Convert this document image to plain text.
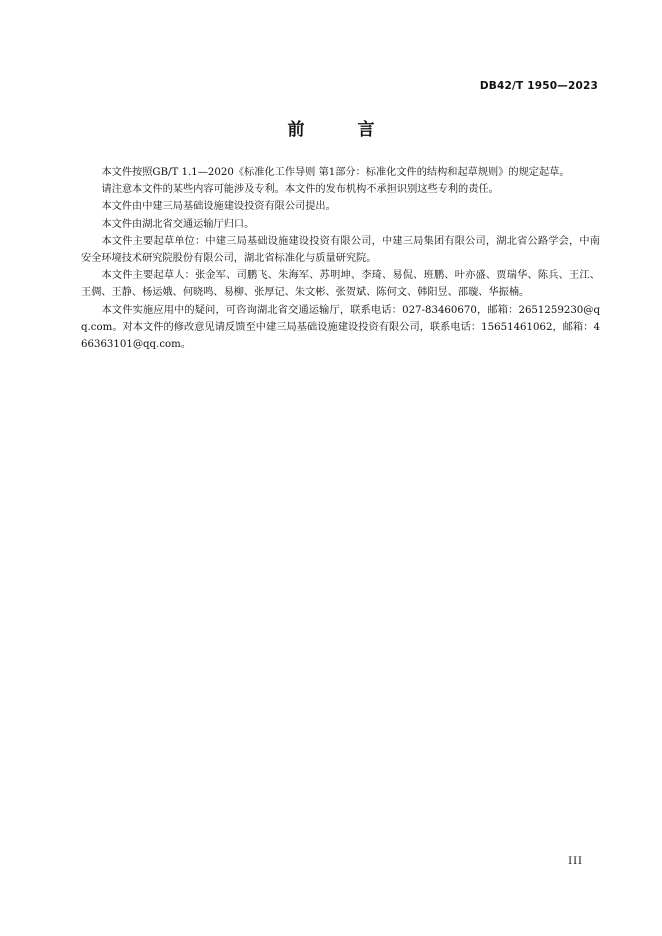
DB42/T 1950—2023
前　言

本文件按照GB/T 1.1—2020《标准化工作导则 第1部分：标准化文件的结构和起草规则》的规定起草。

请注意本文件的某些内容可能涉及专利。本文件的发布机构不承担识别这些专利的责任。

本文件由中建三局基础设施建设投资有限公司提出。

本文件由湖北省交通运输厅归口。

本文件主要起草单位：中建三局基础设施建设投资有限公司，中建三局集团有限公司，湖北省公路学会，中南安全环境技术研究院股份有限公司，湖北省标准化与质量研究院。

本文件主要起草人：张金军、司鹏飞、朱海军、苏明坤、李琦、易侃、班鹏、叶亦盛、贾瑞华、陈兵、王江、王倜、王静、杨运娥、何晓鸣、易柳、张厚记、朱文彬、张贺斌、陈何文、韩阳昱、邵璇、华振楠。

本文件实施应用中的疑问，可咨询湖北省交通运输厅，联系电话：027-83460670，邮箱：2651259230@qq.com。对本文件的修改意见请反馈至中建三局基础设施建设投资有限公司，联系电话：15651461062，邮箱：466363101@qq.com。

III
